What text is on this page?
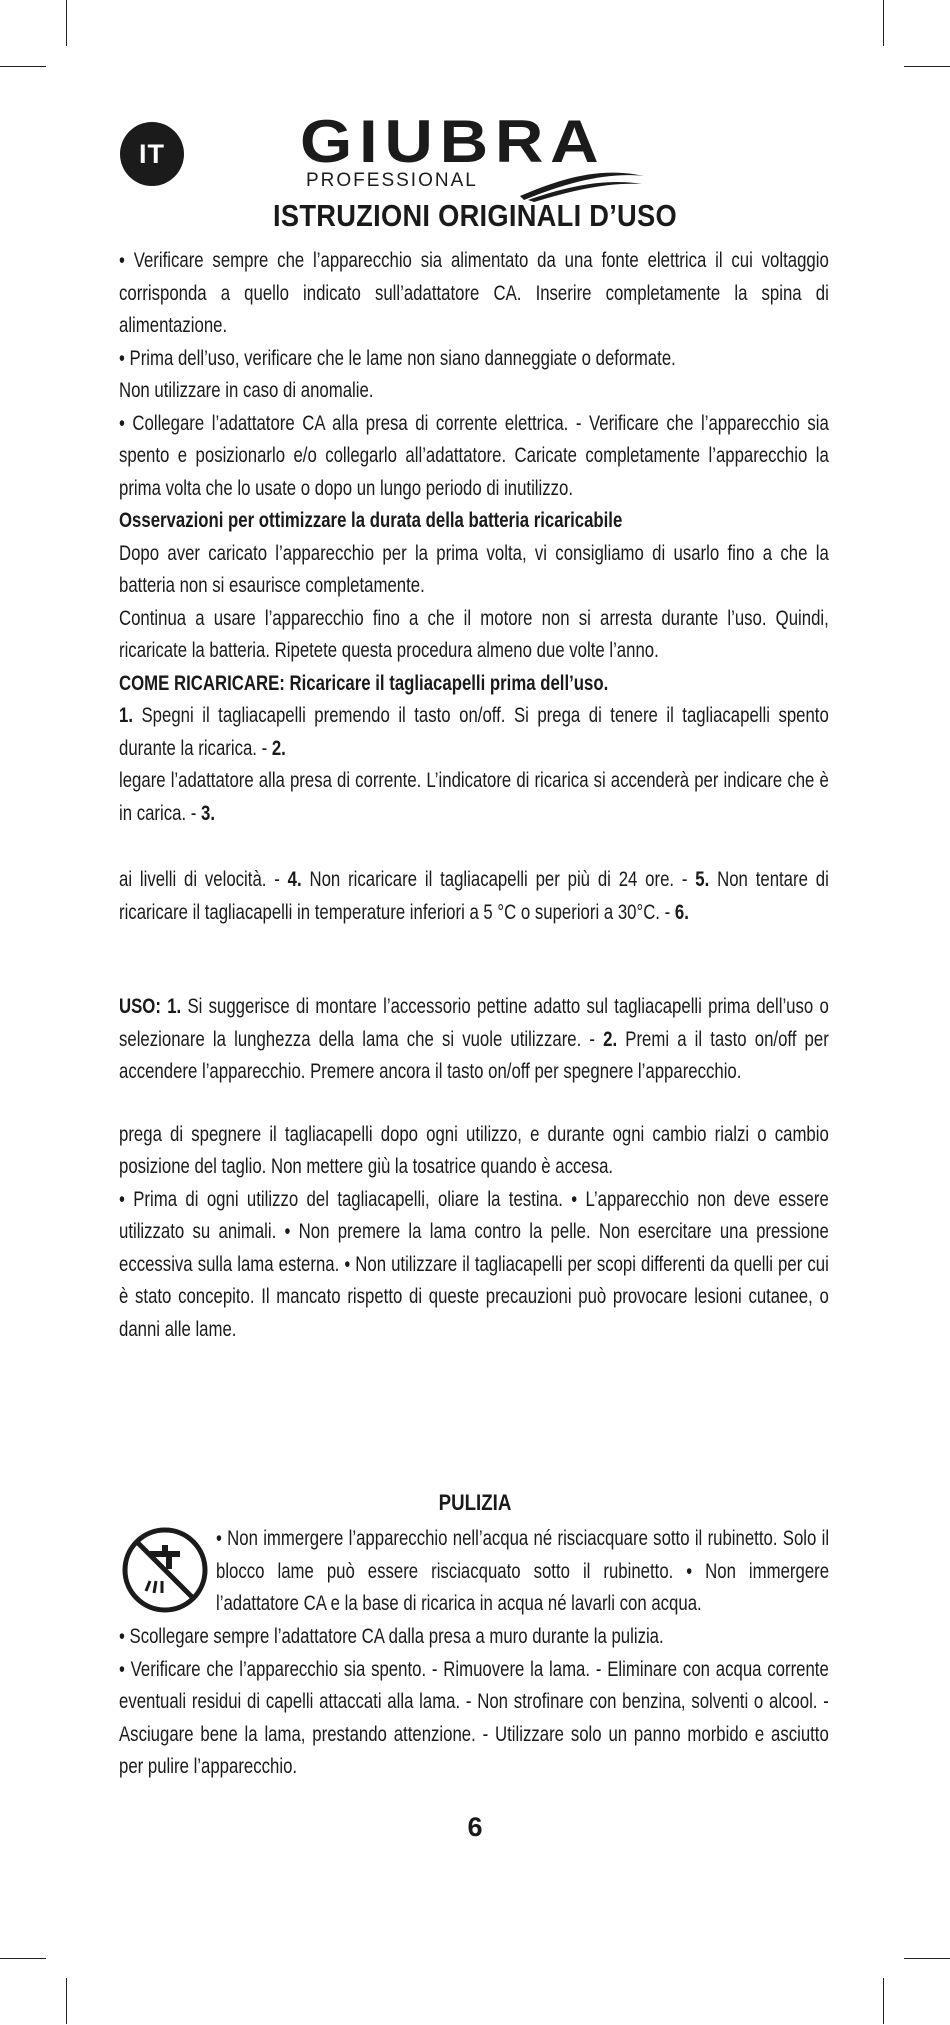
IT	GIUBRA
PROFESSIONAL
ISTRUZIONI ORIGINALI D’USO

• Verificare sempre che l’apparecchio sia alimentato da una fonte elettrica il cui voltaggio corrisponda a quello indicato sull’adattatore CA. Inserire completamente la spina di alimentazione.

• Prima dell’uso, verificare che le lame non siano danneggiate o deformate.

Non utilizzare in caso di anomalie.

• Collegare l’adattatore CA alla presa di corrente elettrica. - Verificare che l’apparecchio sia spento e posizionarlo e/o collegarlo all’adattatore. Caricate completamente l’apparecchio la prima volta che lo usate o dopo un lungo periodo di inutilizzo.

Osservazioni per ottimizzare la durata della batteria ricaricabile

Dopo aver caricato l’apparecchio per la prima volta, vi consigliamo di usarlo fino a che la batteria non si esaurisce completamente.

Continua a usare l’apparecchio fino a che il motore non si arresta durante l’uso. Quindi, ricaricate la batteria. Ripetete questa procedura almeno due volte l’anno.

COME RICARICARE: Ricaricare il tagliacapelli prima dell’uso.

1. Spegni il tagliacapelli premendo il tasto on/off. Si prega di tenere il tagliacapelli spento durante la ricarica. - 2.

legare l’adattatore alla presa di corrente. L’indicatore di ricarica si accenderà per indicare che è in carica. - 3.

ai livelli di velocità. - 4. Non ricaricare il tagliacapelli per più di 24 ore. - 5. Non tentare di ricaricare il tagliacapelli in temperature inferiori a 5 °C o superiori a 30°C. - 6.

USO: 1. Si suggerisce di montare l’accessorio pettine adatto sul tagliacapelli prima dell’uso o selezionare la lunghezza della lama che si vuole utilizzare. - 2. Premi a il tasto on/off per accendere l’apparecchio. Premere ancora il tasto on/off per spegnere l’apparecchio.

prega di spegnere il tagliacapelli dopo ogni utilizzo, e durante ogni cambio rialzi o cambio posizione del taglio. Non mettere giù la tosatrice quando è accesa.

• Prima di ogni utilizzo del tagliacapelli, oliare la testina. • L’apparecchio non deve essere utilizzato su animali. • Non premere la lama contro la pelle. Non esercitare una pressione eccessiva sulla lama esterna. • Non utilizzare il tagliacapelli per scopi differenti da quelli per cui è stato concepito. Il mancato rispetto di queste precauzioni può provocare lesioni cutanee, o danni alle lame.

PULIZIA

• Non immergere l’apparecchio nell’acqua né risciacquare sotto il rubinetto. Solo il blocco lame può essere risciacquato sotto il rubinetto. • Non immergere l’adattatore CA e la base di ricarica in acqua né lavarli con acqua.

• Scollegare sempre l’adattatore CA dalla presa a muro durante la pulizia.

• Verificare che l’apparecchio sia spento. - Rimuovere la lama. - Eliminare con acqua corrente eventuali residui di capelli attaccati alla lama. - Non strofinare con benzina, solventi o alcool. - Asciugare bene la lama, prestando attenzione. - Utilizzare solo un panno morbido e asciutto per pulire l’apparecchio.

6
